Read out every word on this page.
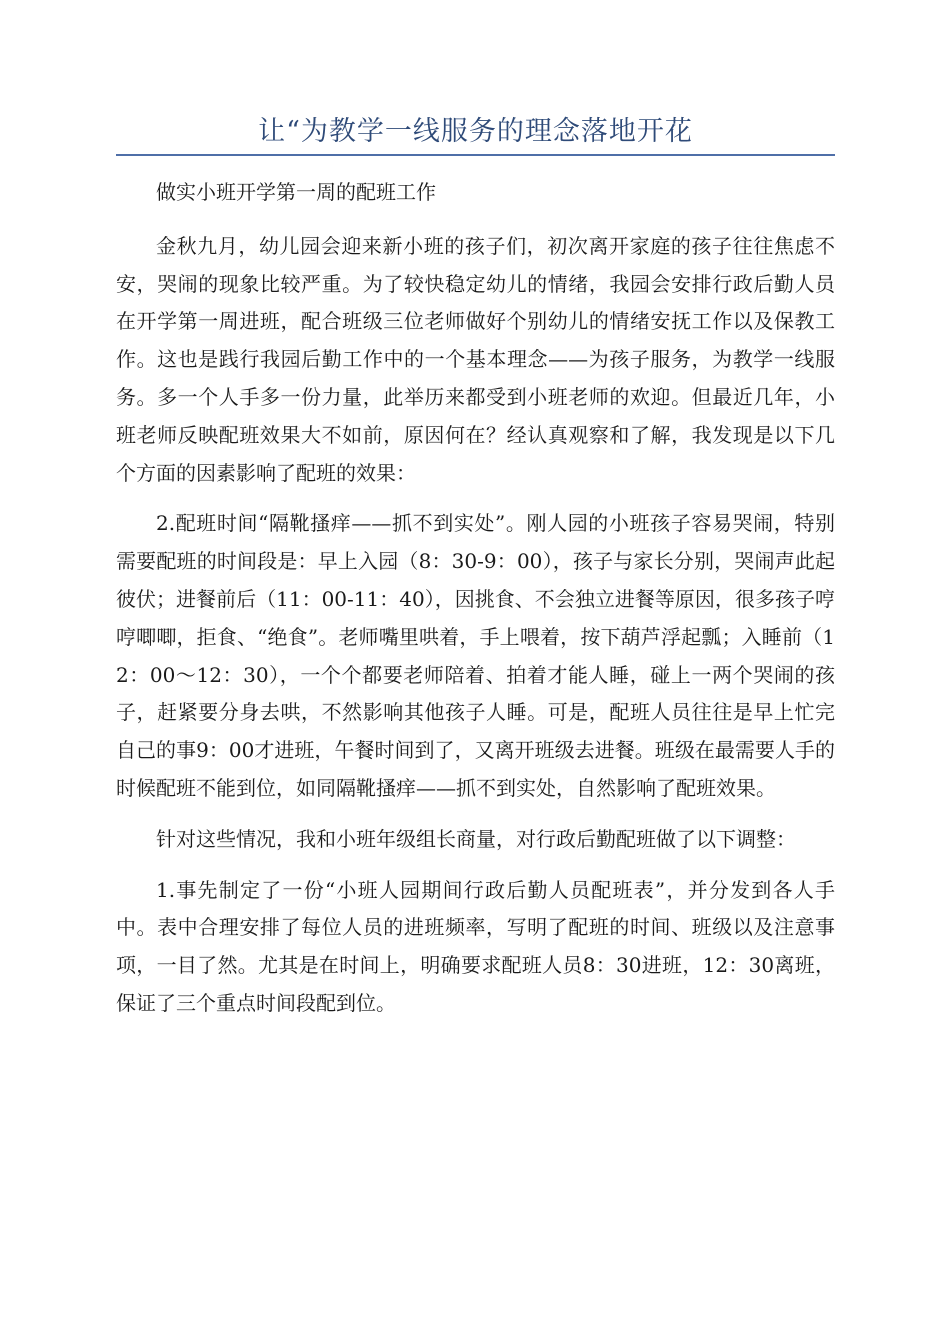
让“为教学一线服务的理念落地开花

做实小班开学第一周的配班工作

金秋九月，幼儿园会迎来新小班的孩子们，初次离开家庭的孩子往往焦虑不安，哭闹的现象比较严重。为了较快稳定幼儿的情绪，我园会安排行政后勤人员在开学第一周进班，配合班级三位老师做好个别幼儿的情绪安抚工作以及保教工作。这也是践行我园后勤工作中的一个基本理念——为孩子服务，为教学一线服务。多一个人手多一份力量，此举历来都受到小班老师的欢迎。但最近几年，小班老师反映配班效果大不如前，原因何在？经认真观察和了解，我发现是以下几个方面的因素影响了配班的效果：

2.配班时间“隔靴搔痒——抓不到实处”。刚人园的小班孩子容易哭闹，特别需要配班的时间段是：早上入园（8：30-9：00），孩子与家长分别，哭闹声此起彼伏；进餐前后（11：00-11：40），因挑食、不会独立进餐等原因，很多孩子哼哼唧唧，拒食、“绝食”。老师嘴里哄着，手上喂着，按下葫芦浮起瓢；入睡前（12：00～12：30），一个个都要老师陪着、拍着才能人睡，碰上一两个哭闹的孩子，赶紧要分身去哄，不然影响其他孩子人睡。可是，配班人员往往是早上忙完自己的事9：00才进班，午餐时间到了，又离开班级去进餐。班级在最需要人手的时候配班不能到位，如同隔靴搔痒——抓不到实处，自然影响了配班效果。

针对这些情况，我和小班年级组长商量，对行政后勤配班做了以下调整：

1.事先制定了一份“小班人园期间行政后勤人员配班表”，并分发到各人手中。表中合理安排了每位人员的进班频率，写明了配班的时间、班级以及注意事项，一目了然。尤其是在时间上，明确要求配班人员8：30进班，12：30离班，保证了三个重点时间段配到位。
